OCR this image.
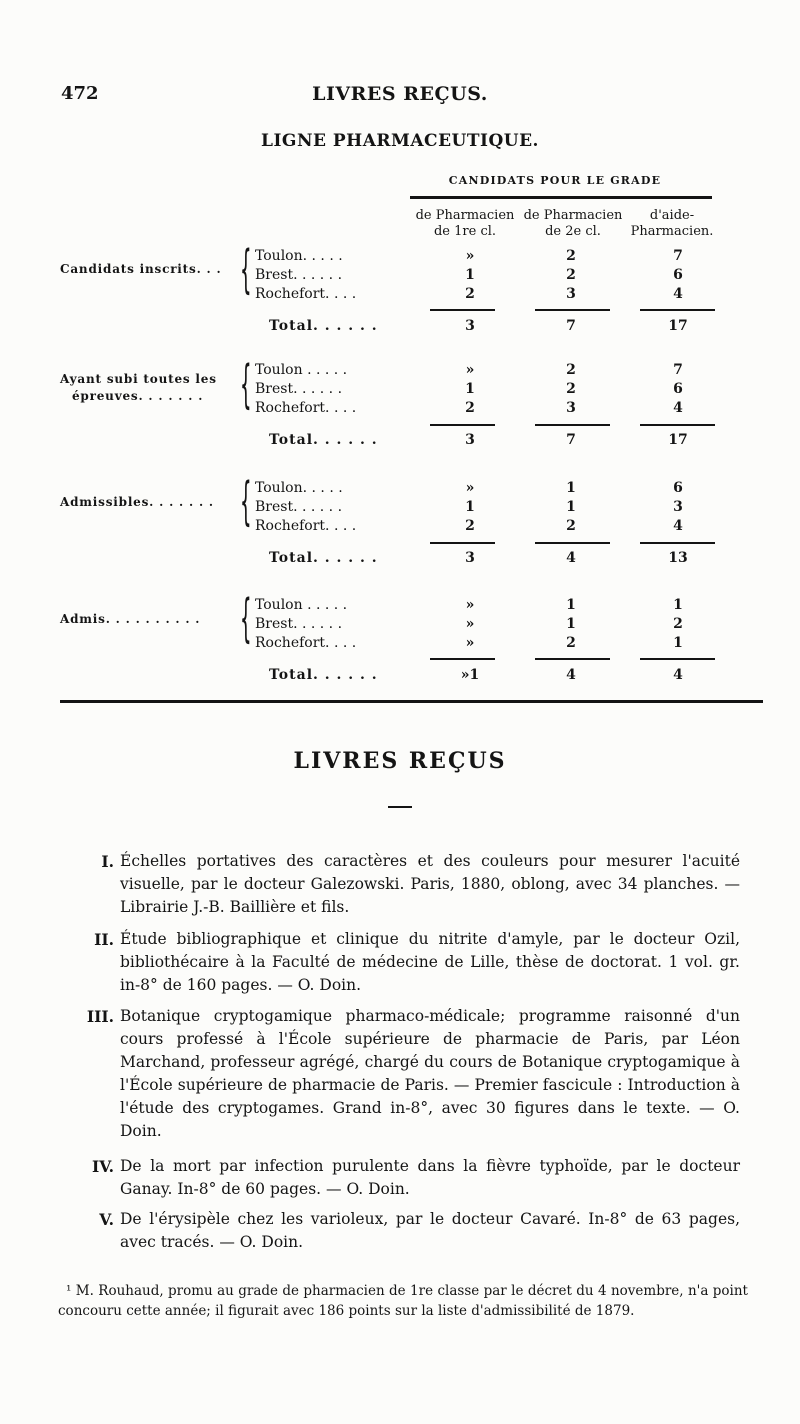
472	LIVRES REÇUS.
LIGNE PHARMACEUTIQUE.
CANDIDATS POUR LE GRADE
de Pharmacien
de 1re cl.
de Pharmacien
de 2e cl.
d'aide-
Pharmacien.
Candidats inscrits. . . { Toulon. . . . .	»	2	7
Brest. . . . . .	1	2	6
Rochefort. . . .	2	3	4
Total. . . . . .	3	7	17
Ayant subi toutes les
épreuves. . . . . . . { Toulon . . . . .	»	2	7
Brest. . . . . .	1	2	6
Rochefort. . . .	2	3	4
Total. . . . . .	3	7	17
Admissibles. . . . . . . { Toulon. . . . .	»	1	6
Brest. . . . . .	1	1	3
Rochefort. . . .	2	2	4
Total. . . . . .	3	4	13
Admis. . . . . . . . . . { Toulon . . . . .	»	1	1
Brest. . . . . .	»	1	2
Rochefort. . . .	»	2	1
Total. . . . . .	»1	4	4
LIVRES REÇUS
I. Échelles portatives des caractères et des couleurs pour mesurer l'acuité visuelle, par le docteur Galezowski. Paris, 1880, oblong, avec 34 planches. — Librairie J.-B. Baillière et fils.
II. Étude bibliographique et clinique du nitrite d'amyle, par le docteur Ozil, bibliothécaire à la Faculté de médecine de Lille, thèse de doctorat. 1 vol. gr. in-8° de 160 pages. — O. Doin.
III. Botanique cryptogamique pharmaco-médicale; programme raisonné d'un cours professé à l'École supérieure de pharmacie de Paris, par Léon Marchand, professeur agrégé, chargé du cours de Botanique cryptogamique à l'École supérieure de pharmacie de Paris. — Premier fascicule : Introduction à l'étude des cryptogames. Grand in-8°, avec 30 figures dans le texte. — O. Doin.
IV. De la mort par infection purulente dans la fièvre typhoïde, par le docteur Ganay. In-8° de 60 pages. — O. Doin.
V. De l'érysipèle chez les varioleux, par le docteur Cavaré. In-8° de 63 pages, avec tracés. — O. Doin.
¹ M. Rouhaud, promu au grade de pharmacien de 1re classe par le décret du 4 novembre, n'a point concouru cette année; il figurait avec 186 points sur la liste d'admissibilité de 1879.
